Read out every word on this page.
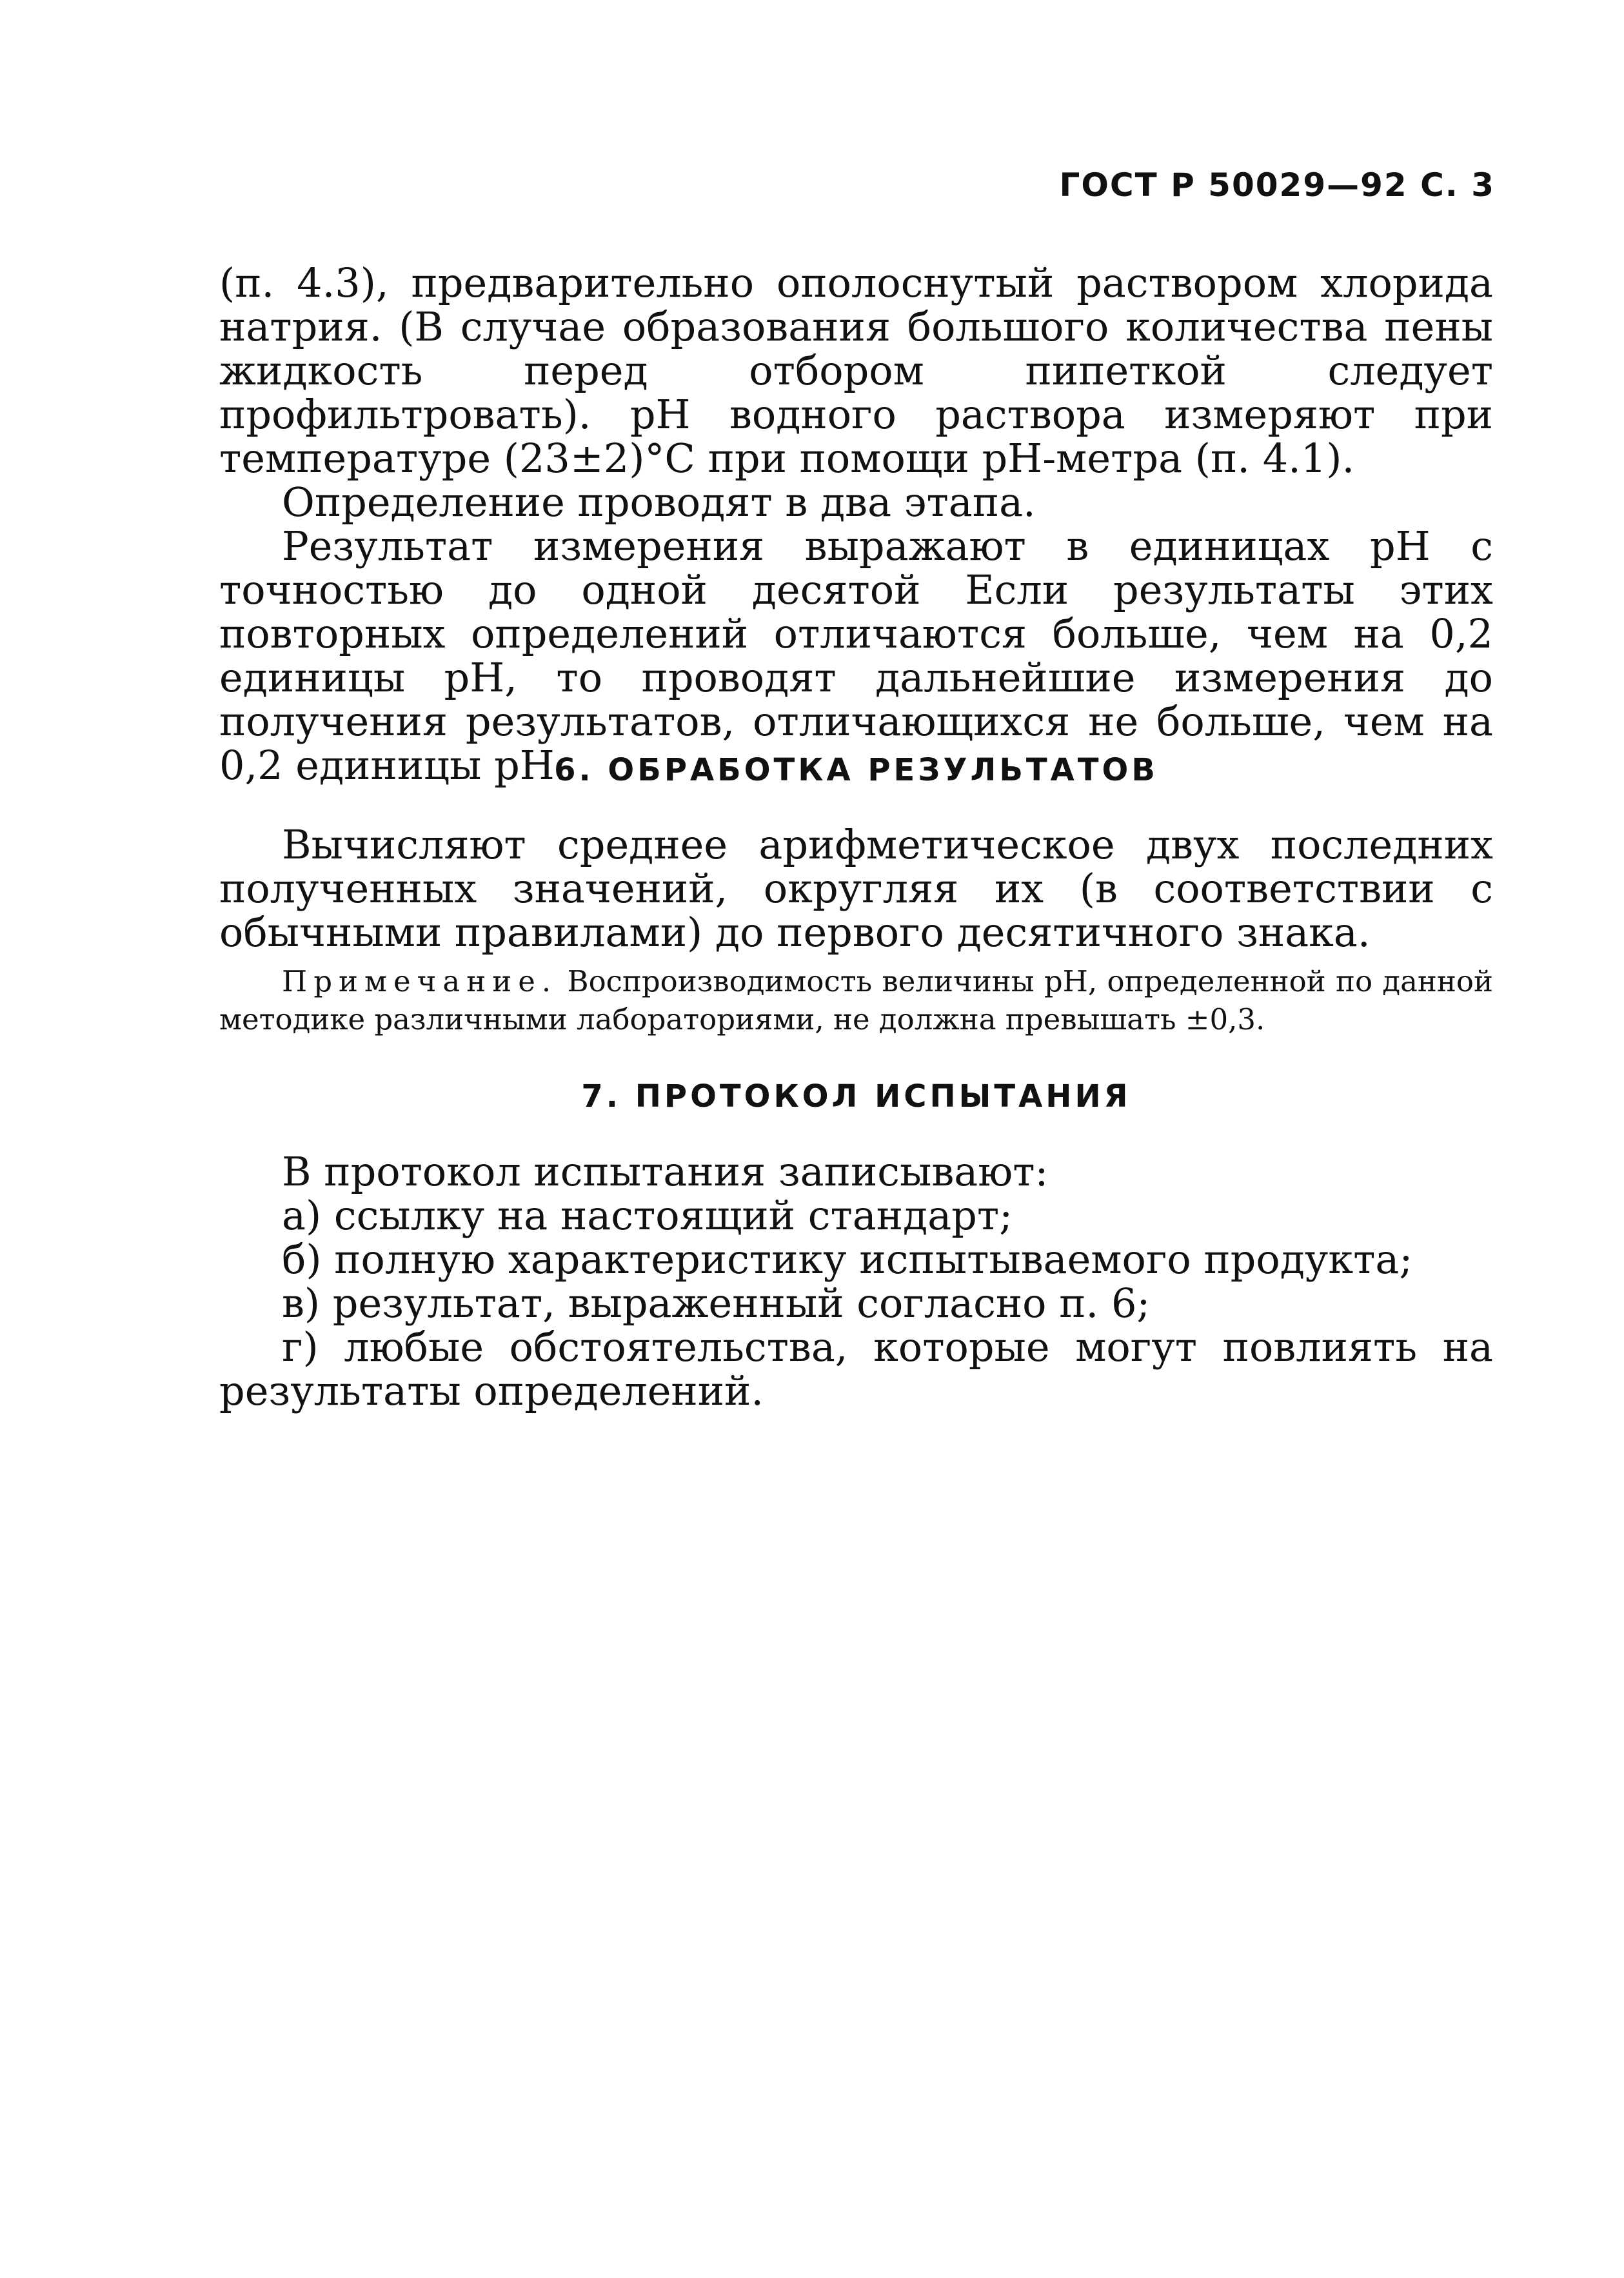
ГОСТ Р 50029—92 С. 3

(п. 4.3), предварительно ополоснутый раствором хлорида натрия. (В случае образования большого количества пены жидкость перед отбором пипеткой следует профильтровать). pH водного раствора измеряют при температуре (23±2)°С при помощи pH-метра (п. 4.1).

Определение проводят в два этапа.

Результат измерения выражают в единицах pH с точностью до одной десятой Если результаты этих повторных определений отличаются больше, чем на 0,2 единицы pH, то проводят дальнейшие измерения до получения результатов, отличающихся не больше, чем на 0,2 единицы pH.

6. ОБРАБОТКА РЕЗУЛЬТАТОВ

Вычисляют среднее арифметическое двух последних полученных значений, округляя их (в соответствии с обычными правилами) до первого десятичного знака.

Примечание. Воспроизводимость величины pH, определенной по данной методике различными лабораториями, не должна превышать ±0,3.

7. ПРОТОКОЛ ИСПЫТАНИЯ

В протокол испытания записывают:

а) ссылку на настоящий стандарт;

б) полную характеристику испытываемого продукта;

в) результат, выраженный согласно п. 6;

г) любые обстоятельства, которые могут повлиять на результаты определений.
